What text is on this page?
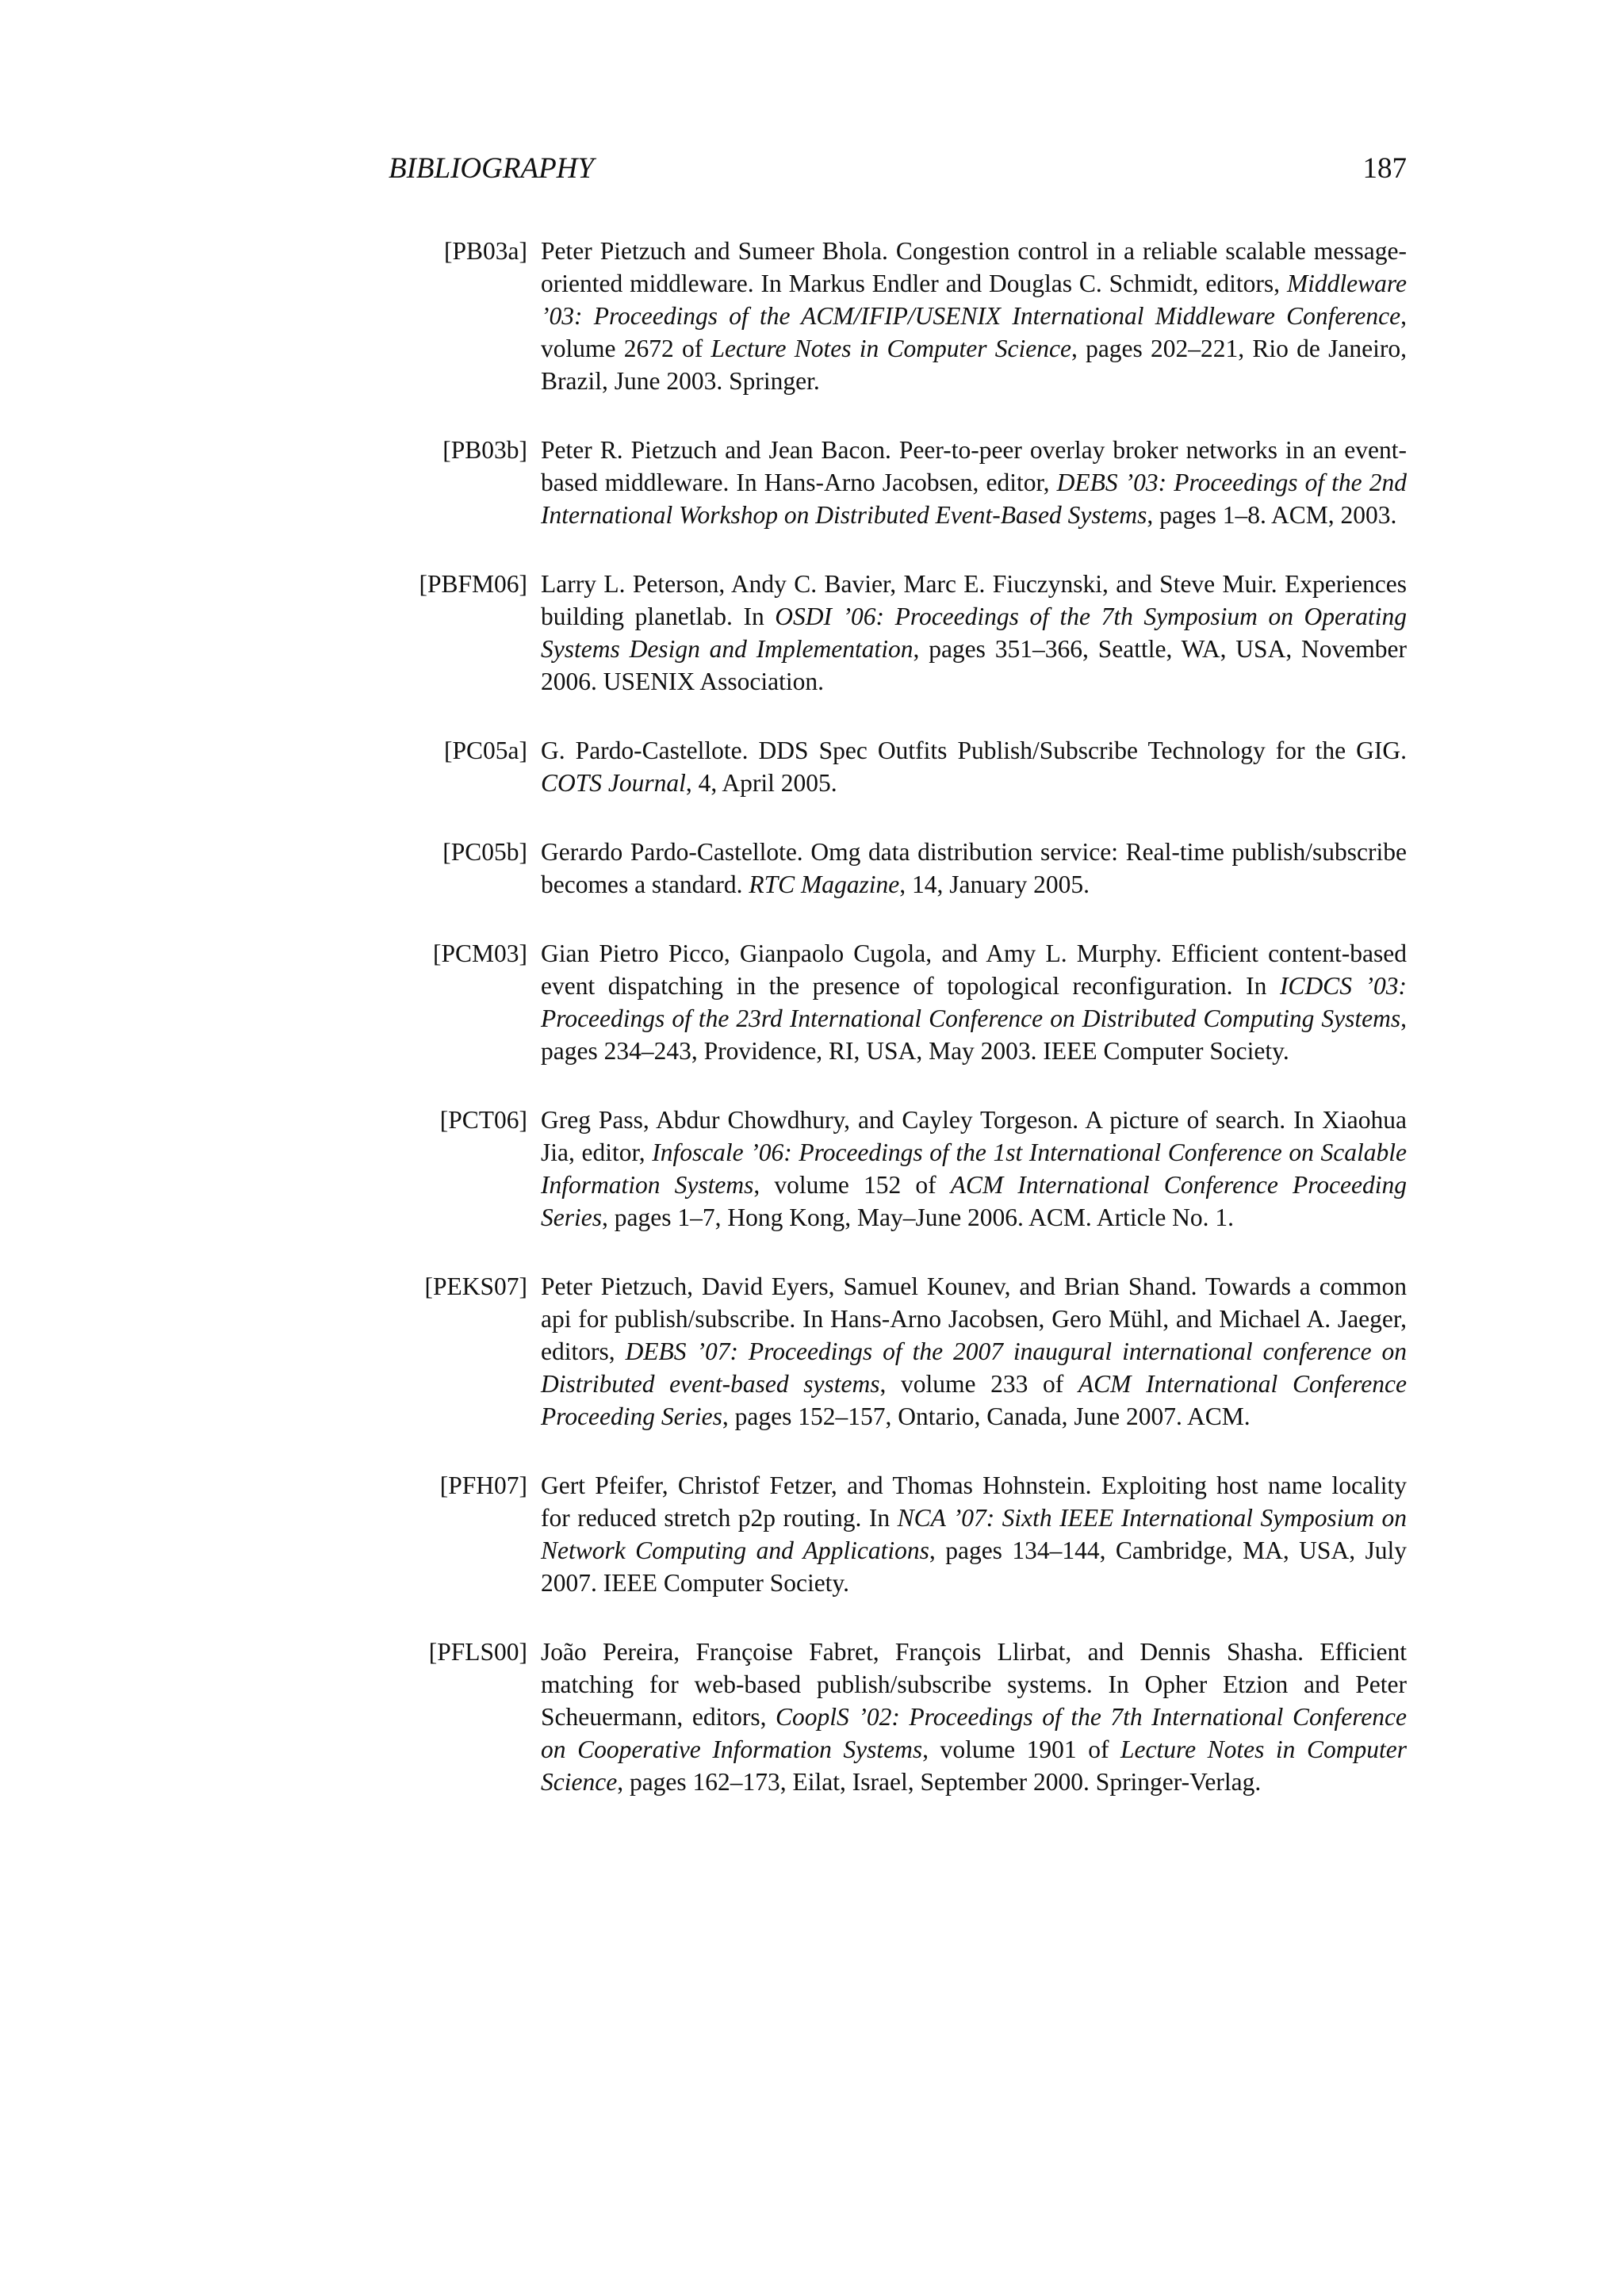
BIBLIOGRAPHY	187
[PB03a] Peter Pietzuch and Sumeer Bhola. Congestion control in a reliable scalable message-oriented middleware. In Markus Endler and Douglas C. Schmidt, editors, Middleware ’03: Proceedings of the ACM/IFIP/USENIX International Middleware Conference, volume 2672 of Lecture Notes in Computer Science, pages 202–221, Rio de Janeiro, Brazil, June 2003. Springer.
[PB03b] Peter R. Pietzuch and Jean Bacon. Peer-to-peer overlay broker networks in an event-based middleware. In Hans-Arno Jacobsen, editor, DEBS ’03: Proceedings of the 2nd International Workshop on Distributed Event-Based Systems, pages 1–8. ACM, 2003.
[PBFM06] Larry L. Peterson, Andy C. Bavier, Marc E. Fiuczynski, and Steve Muir. Experiences building planetlab. In OSDI ’06: Proceedings of the 7th Symposium on Operating Systems Design and Implementation, pages 351–366, Seattle, WA, USA, November 2006. USENIX Association.
[PC05a] G. Pardo-Castellote. DDS Spec Outfits Publish/Subscribe Technology for the GIG. COTS Journal, 4, April 2005.
[PC05b] Gerardo Pardo-Castellote. Omg data distribution service: Real-time publish/subscribe becomes a standard. RTC Magazine, 14, January 2005.
[PCM03] Gian Pietro Picco, Gianpaolo Cugola, and Amy L. Murphy. Efficient content-based event dispatching in the presence of topological reconfiguration. In ICDCS ’03: Proceedings of the 23rd International Conference on Distributed Computing Systems, pages 234–243, Providence, RI, USA, May 2003. IEEE Computer Society.
[PCT06] Greg Pass, Abdur Chowdhury, and Cayley Torgeson. A picture of search. In Xiaohua Jia, editor, Infoscale ’06: Proceedings of the 1st International Conference on Scalable Information Systems, volume 152 of ACM International Conference Proceeding Series, pages 1–7, Hong Kong, May–June 2006. ACM. Article No. 1.
[PEKS07] Peter Pietzuch, David Eyers, Samuel Kounev, and Brian Shand. Towards a common api for publish/subscribe. In Hans-Arno Jacobsen, Gero Mühl, and Michael A. Jaeger, editors, DEBS ’07: Proceedings of the 2007 inaugural international conference on Distributed event-based systems, volume 233 of ACM International Conference Proceeding Series, pages 152–157, Ontario, Canada, June 2007. ACM.
[PFH07] Gert Pfeifer, Christof Fetzer, and Thomas Hohnstein. Exploiting host name locality for reduced stretch p2p routing. In NCA ’07: Sixth IEEE International Symposium on Network Computing and Applications, pages 134–144, Cambridge, MA, USA, July 2007. IEEE Computer Society.
[PFLS00] João Pereira, Françoise Fabret, François Llirbat, and Dennis Shasha. Efficient matching for web-based publish/subscribe systems. In Opher Etzion and Peter Scheuermann, editors, CooplS ’02: Proceedings of the 7th International Conference on Cooperative Information Systems, volume 1901 of Lecture Notes in Computer Science, pages 162–173, Eilat, Israel, September 2000. Springer-Verlag.
